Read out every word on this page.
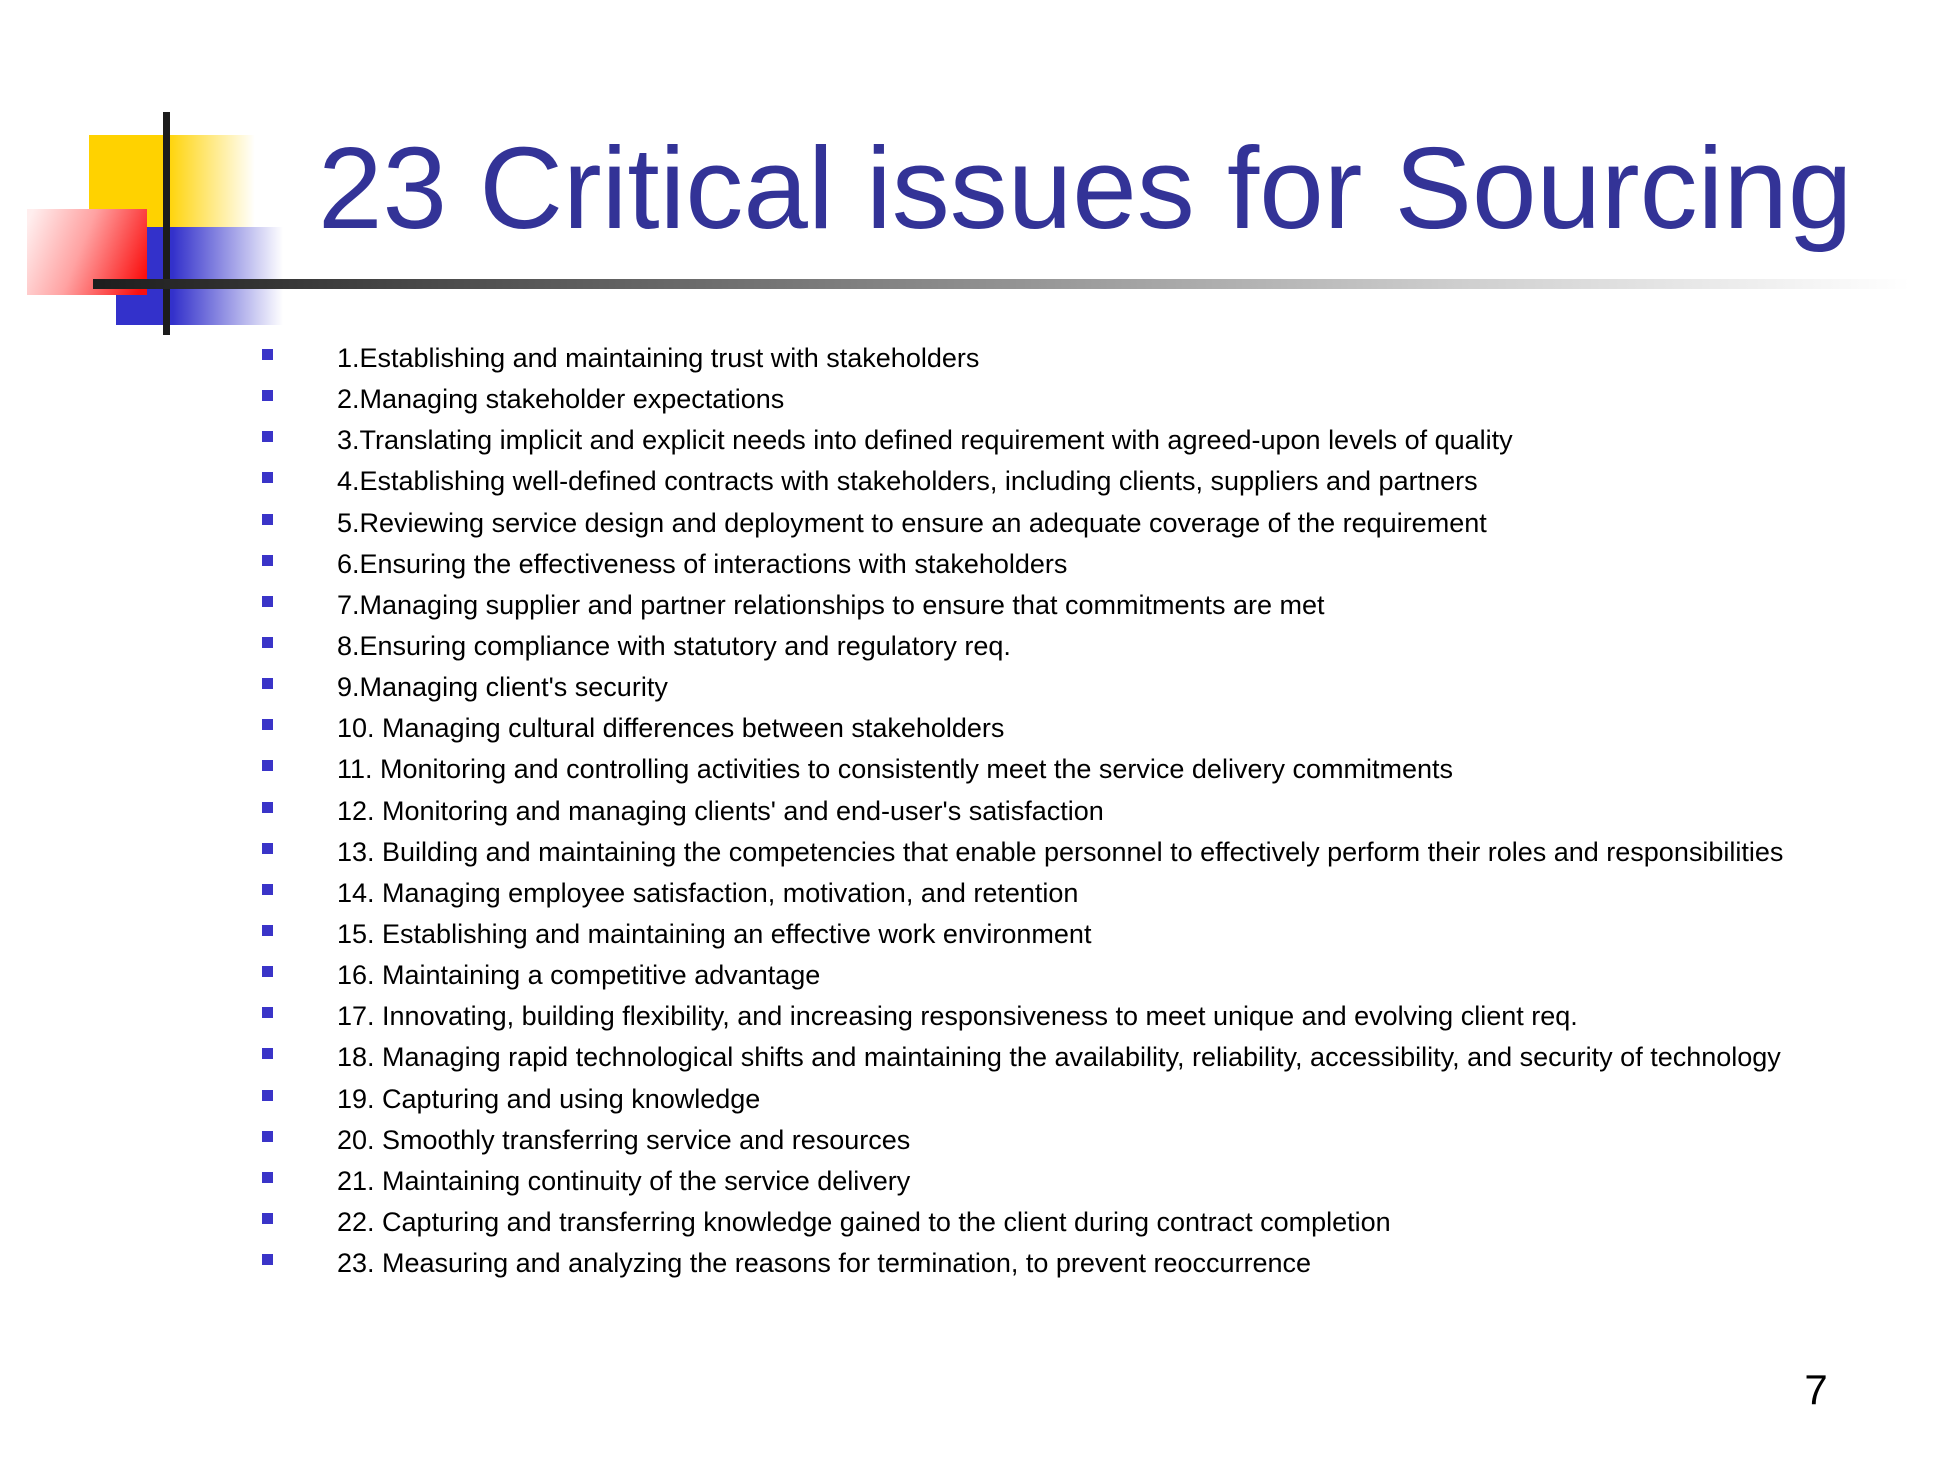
23 Critical issues for Sourcing
1.Establishing and maintaining trust with stakeholders
2.Managing stakeholder expectations
3.Translating implicit and explicit needs into defined requirement with agreed-upon levels of quality
4.Establishing well-defined contracts with stakeholders, including clients, suppliers and partners
5.Reviewing service design and deployment to ensure an adequate coverage of the requirement
6.Ensuring the effectiveness of interactions with stakeholders
7.Managing supplier and partner relationships to ensure that commitments are met
8.Ensuring compliance with statutory and regulatory req.
9.Managing client's security
10. Managing cultural differences between stakeholders
11. Monitoring and controlling activities to consistently meet the service delivery commitments
12. Monitoring and managing clients' and end-user's satisfaction
13. Building and maintaining the competencies that enable personnel to effectively perform their roles and responsibilities
14. Managing employee satisfaction, motivation, and retention
15. Establishing and maintaining an effective work environment
16. Maintaining a competitive advantage
17. Innovating, building flexibility, and increasing responsiveness to meet unique and evolving client req.
18. Managing rapid technological shifts and maintaining the availability, reliability, accessibility, and security of technology
19. Capturing and using knowledge
20. Smoothly transferring service and resources
21. Maintaining continuity of the service delivery
22. Capturing and transferring knowledge gained to the client during contract completion
23. Measuring and analyzing the reasons for termination, to prevent reoccurrence
7
